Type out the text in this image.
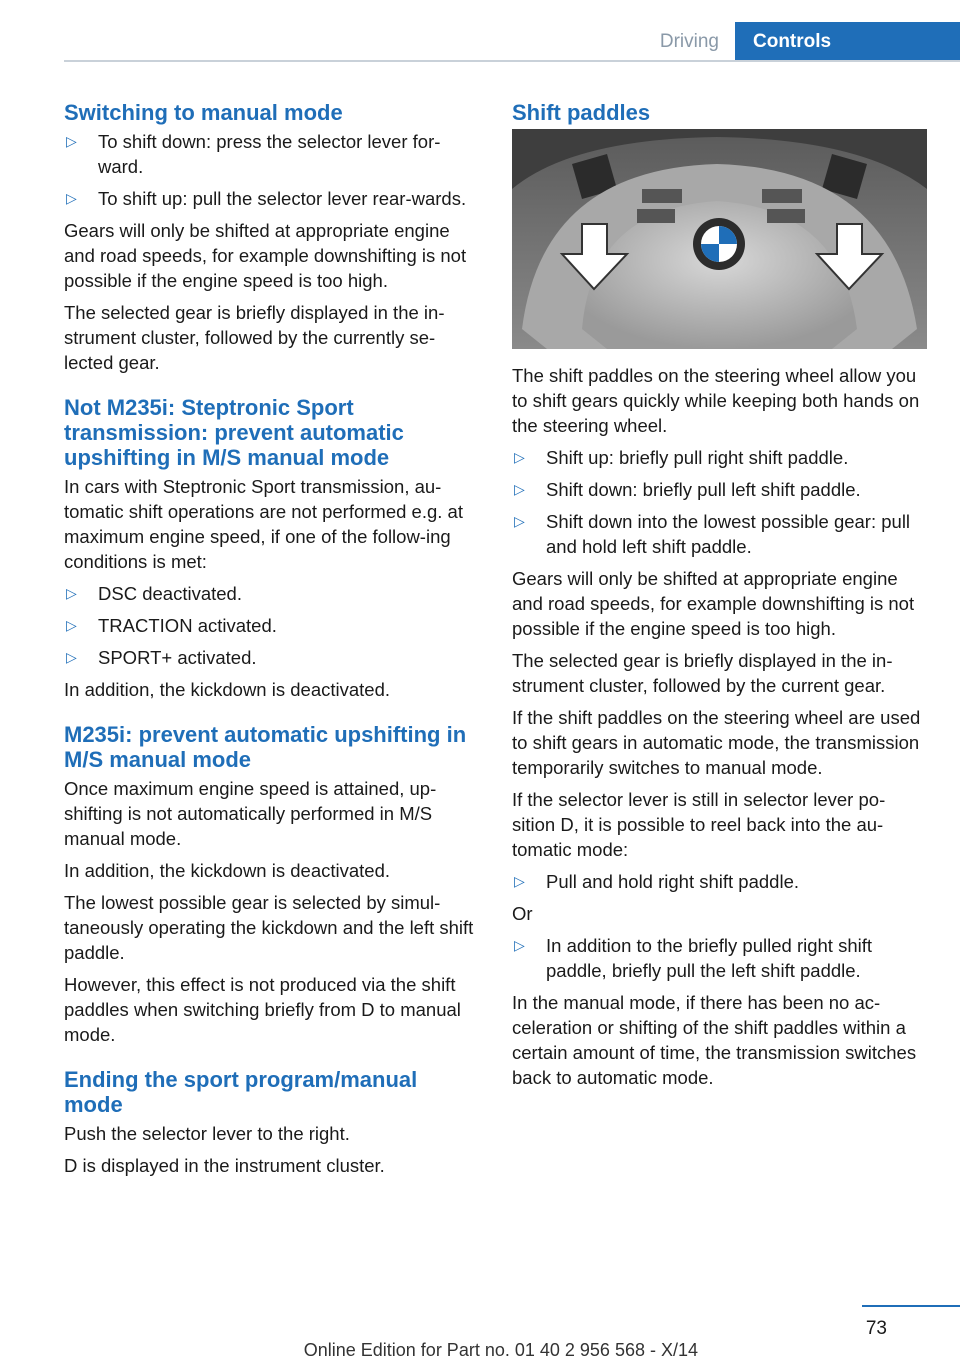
Driving	Controls
Switching to manual mode
▷ To shift down: press the selector lever for-ward.
▷ To shift up: pull the selector lever rear-wards.

Gears will only be shifted at appropriate engine and road speeds, for example downshifting is not possible if the engine speed is too high.

The selected gear is briefly displayed in the in-strument cluster, followed by the currently se-lected gear.

Not M235i: Steptronic Sport transmission: prevent automatic upshifting in M/S manual mode

In cars with Steptronic Sport transmission, au-tomatic shift operations are not performed e.g. at maximum engine speed, if one of the follow-ing conditions is met:

▷ DSC deactivated.
▷ TRACTION activated.
▷ SPORT+ activated.

In addition, the kickdown is deactivated.

M235i: prevent automatic upshifting in M/S manual mode

Once maximum engine speed is attained, up-shifting is not automatically performed in M/S manual mode.

In addition, the kickdown is deactivated.

The lowest possible gear is selected by simul-taneously operating the kickdown and the left shift paddle.

However, this effect is not produced via the shift paddles when switching briefly from D to manual mode.

Ending the sport program/manual mode

Push the selector lever to the right.

D is displayed in the instrument cluster.

Shift paddles

The shift paddles on the steering wheel allow you to shift gears quickly while keeping both hands on the steering wheel.

▷ Shift up: briefly pull right shift paddle.
▷ Shift down: briefly pull left shift paddle.
▷ Shift down into the lowest possible gear: pull and hold left shift paddle.

Gears will only be shifted at appropriate engine and road speeds, for example downshifting is not possible if the engine speed is too high.

The selected gear is briefly displayed in the in-strument cluster, followed by the current gear.

If the shift paddles on the steering wheel are used to shift gears in automatic mode, the transmission temporarily switches to manual mode.

If the selector lever is still in selector lever po-sition D, it is possible to reel back into the au-tomatic mode:

▷ Pull and hold right shift paddle.

Or

▷ In addition to the briefly pulled right shift paddle, briefly pull the left shift paddle.

In the manual mode, if there has been no ac-celeration or shifting of the shift paddles within a certain amount of time, the transmission switches back to automatic mode.

73
Online Edition for Part no. 01 40 2 956 568 - X/14
